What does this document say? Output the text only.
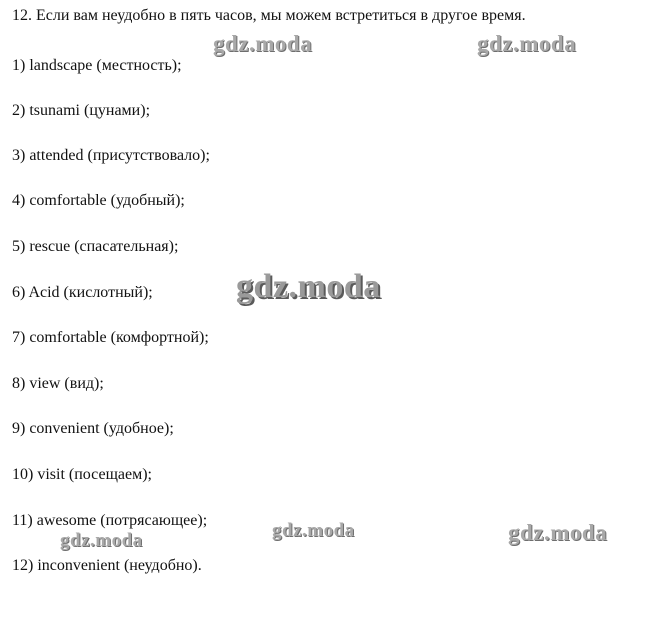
12. Если вам неудобно в пять часов, мы можем встретиться в другое время.

1) landscape (местность);

2) tsunami (цунами);

3) attended (присутствовало);

4) comfortable (удобный);

5) rescue (спасательная);

6) Acid (кислотный);

7) comfortable (комфортной);

8) view (вид);

9) convenient (удобное);

10) visit (посещаем);

11) awesome (потрясающее);

12) inconvenient (неудобно).

gdz.moda	gdz.moda
gdz.moda
gdz.moda	gdz.moda
gdz.moda
